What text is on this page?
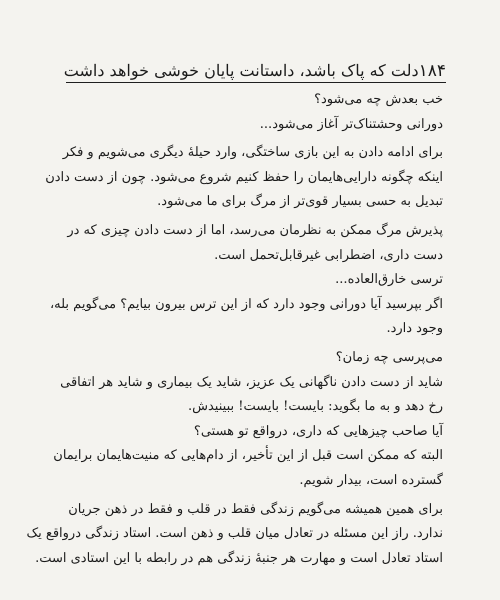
۱۸۴
دلت که پاک باشد، داستانت پایان خوشی خواهد داشت
خب بعدش چه می‌شود؟
دورانی وحشتناک‌تر آغاز می‌شود...
برای ادامه دادن به این بازی ساختگی، وارد حیلهٔ دیگری می‌شویم و فکر
اینکه چگونه دارایی‌هایمان را حفظ کنیم شروع می‌شود. چون از دست دادن
تبدیل به حسی بسیار قوی‌تر از مرگ برای ما می‌شود.
پذیرش مرگ ممکن به نظرمان می‌رسد، اما از دست دادن چیزی که در
دست داری، اضطرابی غیرقابل‌تحمل است.
ترسی خارق‌العاده...
اگر بپرسید آیا دورانی وجود دارد که از این ترس بیرون بیایم؟ می‌گویم بله،
وجود دارد.
می‌پرسی چه زمان؟
شاید از دست دادن ناگهانی یک عزیز، شاید یک بیماری و شاید هر اتفاقی
رخ دهد و به ما بگوید: بایست! بایست! ببینیدش.
آیا صاحب چیزهایی که داری، درواقع تو هستی؟
البته که ممکن است قبل از این تأخیر، از دام‌هایی که منیت‌هایمان برایمان
گسترده است، بیدار شویم.
برای همین همیشه می‌گویم زندگی فقط در قلب و فقط در ذهن جریان
ندارد. راز این مسئله در تعادل میان قلب و ذهن است. استاد زندگی درواقع یک
استاد تعادل است و مهارت هر جنبهٔ زندگی هم در رابطه با این استادی است.
